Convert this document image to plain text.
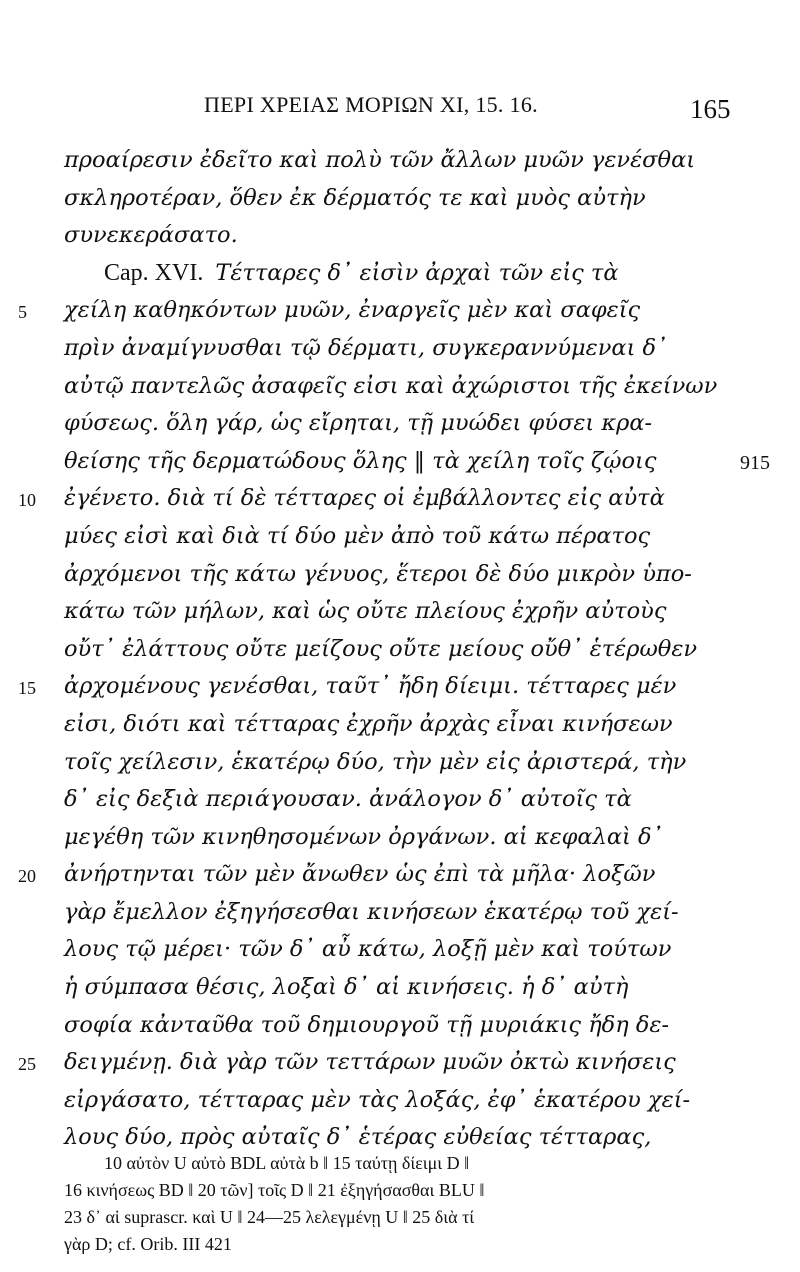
ΠΕΡΙ ΧΡΕΙΑΣ ΜΟΡΙΩΝ XI, 15. 16.	165
προαίρεσιν ἐδεῖτο καὶ πολὺ τῶν ἄλλων μυῶν γενέσθαι
σκληροτέραν, ὅθεν ἐκ δέρματός τε καὶ μυὸς αὐτὴν
συνεκεράσατο.
Cap. XVI. Τέτταρες δ᾽ εἰσὶν ἀρχαὶ τῶν εἰς τὰ
5	χείλη καθηκόντων μυῶν, ἐναργεῖς μὲν καὶ σαφεῖς
πρὶν ἀναμίγνυσθαι τῷ δέρματι, συγκεραννύμεναι δ᾽
αὐτῷ παντελῶς ἀσαφεῖς εἰσι καὶ ἀχώριστοι τῆς ἐκείνων
φύσεως. ὅλη γάρ, ὡς εἴρηται, τῇ μυώδει φύσει κρα-
θείσης τῆς δερματώδους ὅλης ‖ τὰ χείλη τοῖς ζῴοις	915
10 ἐγένετο. διὰ τί δὲ τέτταρες οἱ ἐμβάλλοντες εἰς αὐτὰ
μύες εἰσὶ καὶ διὰ τί δύο μὲν ἀπὸ τοῦ κάτω πέρατος
ἀρχόμενοι τῆς κάτω γένυος, ἕτεροι δὲ δύο μικρὸν ὑπο-
κάτω τῶν μήλων, καὶ ὡς οὔτε πλείους ἐχρῆν αὐτοὺς
οὔτ᾽ ἐλάττους οὔτε μείζους οὔτε μείους οὔθ᾽ ἑτέρωθεν
15 ἀρχομένους γενέσθαι, ταῦτ᾽ ἤδη δίειμι. τέτταρες μέν
εἰσι, διότι καὶ τέτταρας ἐχρῆν ἀρχὰς εἶναι κινήσεων
τοῖς χείλεσιν, ἑκατέρῳ δύο, τὴν μὲν εἰς ἀριστερά, τὴν
δ᾽ εἰς δεξιὰ περιάγουσαν. ἀνάλογον δ᾽ αὐτοῖς τὰ
μεγέθη τῶν κινηθησομένων ὀργάνων. αἱ κεφαλαὶ δ᾽
20 ἀνήρτηνται τῶν μὲν ἄνωθεν ὡς ἐπὶ τὰ μῆλα· λοξῶν
γὰρ ἔμελλον ἐξηγήσεσθαι κινήσεων ἑκατέρῳ τοῦ χεί-
λους τῷ μέρει· τῶν δ᾽ αὖ κάτω, λοξῇ μὲν καὶ τούτων
ἡ σύμπασα θέσις, λοξαὶ δ᾽ αἱ κινήσεις. ἡ δ᾽ αὐτὴ
σοφία κἀνταῦθα τοῦ δημιουργοῦ τῇ μυριάκις ἤδη δε-
25 δειγμένῃ. διὰ γὰρ τῶν τεττάρων μυῶν ὀκτὼ κινήσεις
εἰργάσατο, τέτταρας μὲν τὰς λοξάς, ἐφ᾽ ἑκατέρου χεί-
λους δύο, πρὸς αὐταῖς δ᾽ ἑτέρας εὐθείας τέτταρας,
10 αὐτὸν U αὐτὸ BDL αὐτὰ b ‖ 15 ταύτῃ δίειμι D ‖
16 κινήσεως BD ‖ 20 τῶν] τοῖς D ‖ 21 ἐξηγήσασθαι BLU ‖
23 δ᾽ αἱ suprascr. καὶ U ‖ 24—25 λελεγμένῃ U ‖ 25 διὰ τί
γὰρ D; cf. Orib. III 421
